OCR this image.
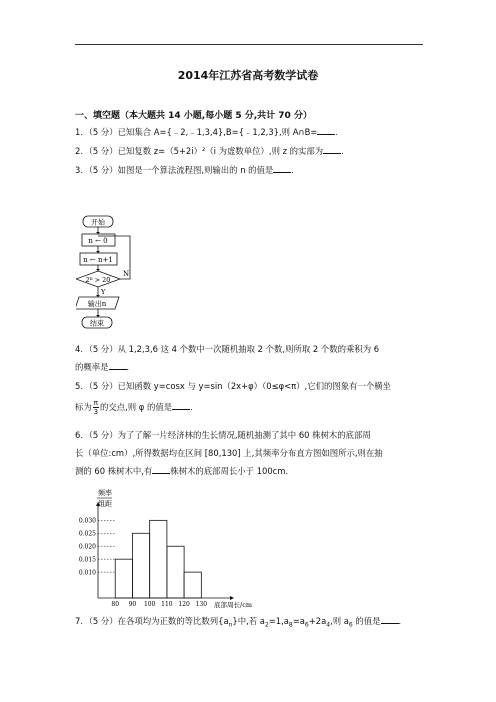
2014年江苏省高考数学试卷
一、填空题（本大题共 14 小题,每小题 5 分,共计 70 分）
1．（5 分）已知集合 A={﹣2,﹣1,3,4},B={﹣1,2,3},则 A∩B= ．
2．（5 分）已知复数 z=（5+2i）²（i 为虚数单位）,则 z 的实部为 ．
3．（5 分）如图是一个算法流程图,则输出的 n 的值是 ．
开始
n ← 0
n ← n+1
$2^n > 20$
N
Y
输出n
结束
4．（5 分）从 1,2,3,6 这 4 个数中一次随机抽取 2 个数,则所取 2 个数的乘积为 6
的概率是 ．
5．（5 分）已知函数 y=cosx 与 y=sin（2x+φ）（0≤φ<π）,它们的图象有一个横坐
标为 $\frac{\pi}{3}$ 的交点,则 φ 的值是 ．
6．（5 分）为了了解一片经济林的生长情况,随机抽测了其中 60 株树木的底部周
长（单位:cm）,所得数据均在区间 [80,130] 上,其频率分布直方图如图所示,则在抽
测的 60 株树木中,有 株树木的底部周长小于 100cm．
0.030
0.025
0.020
0.015
0.010
80 90 100 110 120 130
频率
组距
底部周长/cm
7．（5 分）在各项均为正数的等比数列$\{a_n\}$中,若 $a_2=1,a_8=a_6+2a_4$,则 $a_6$ 的值是 ．
